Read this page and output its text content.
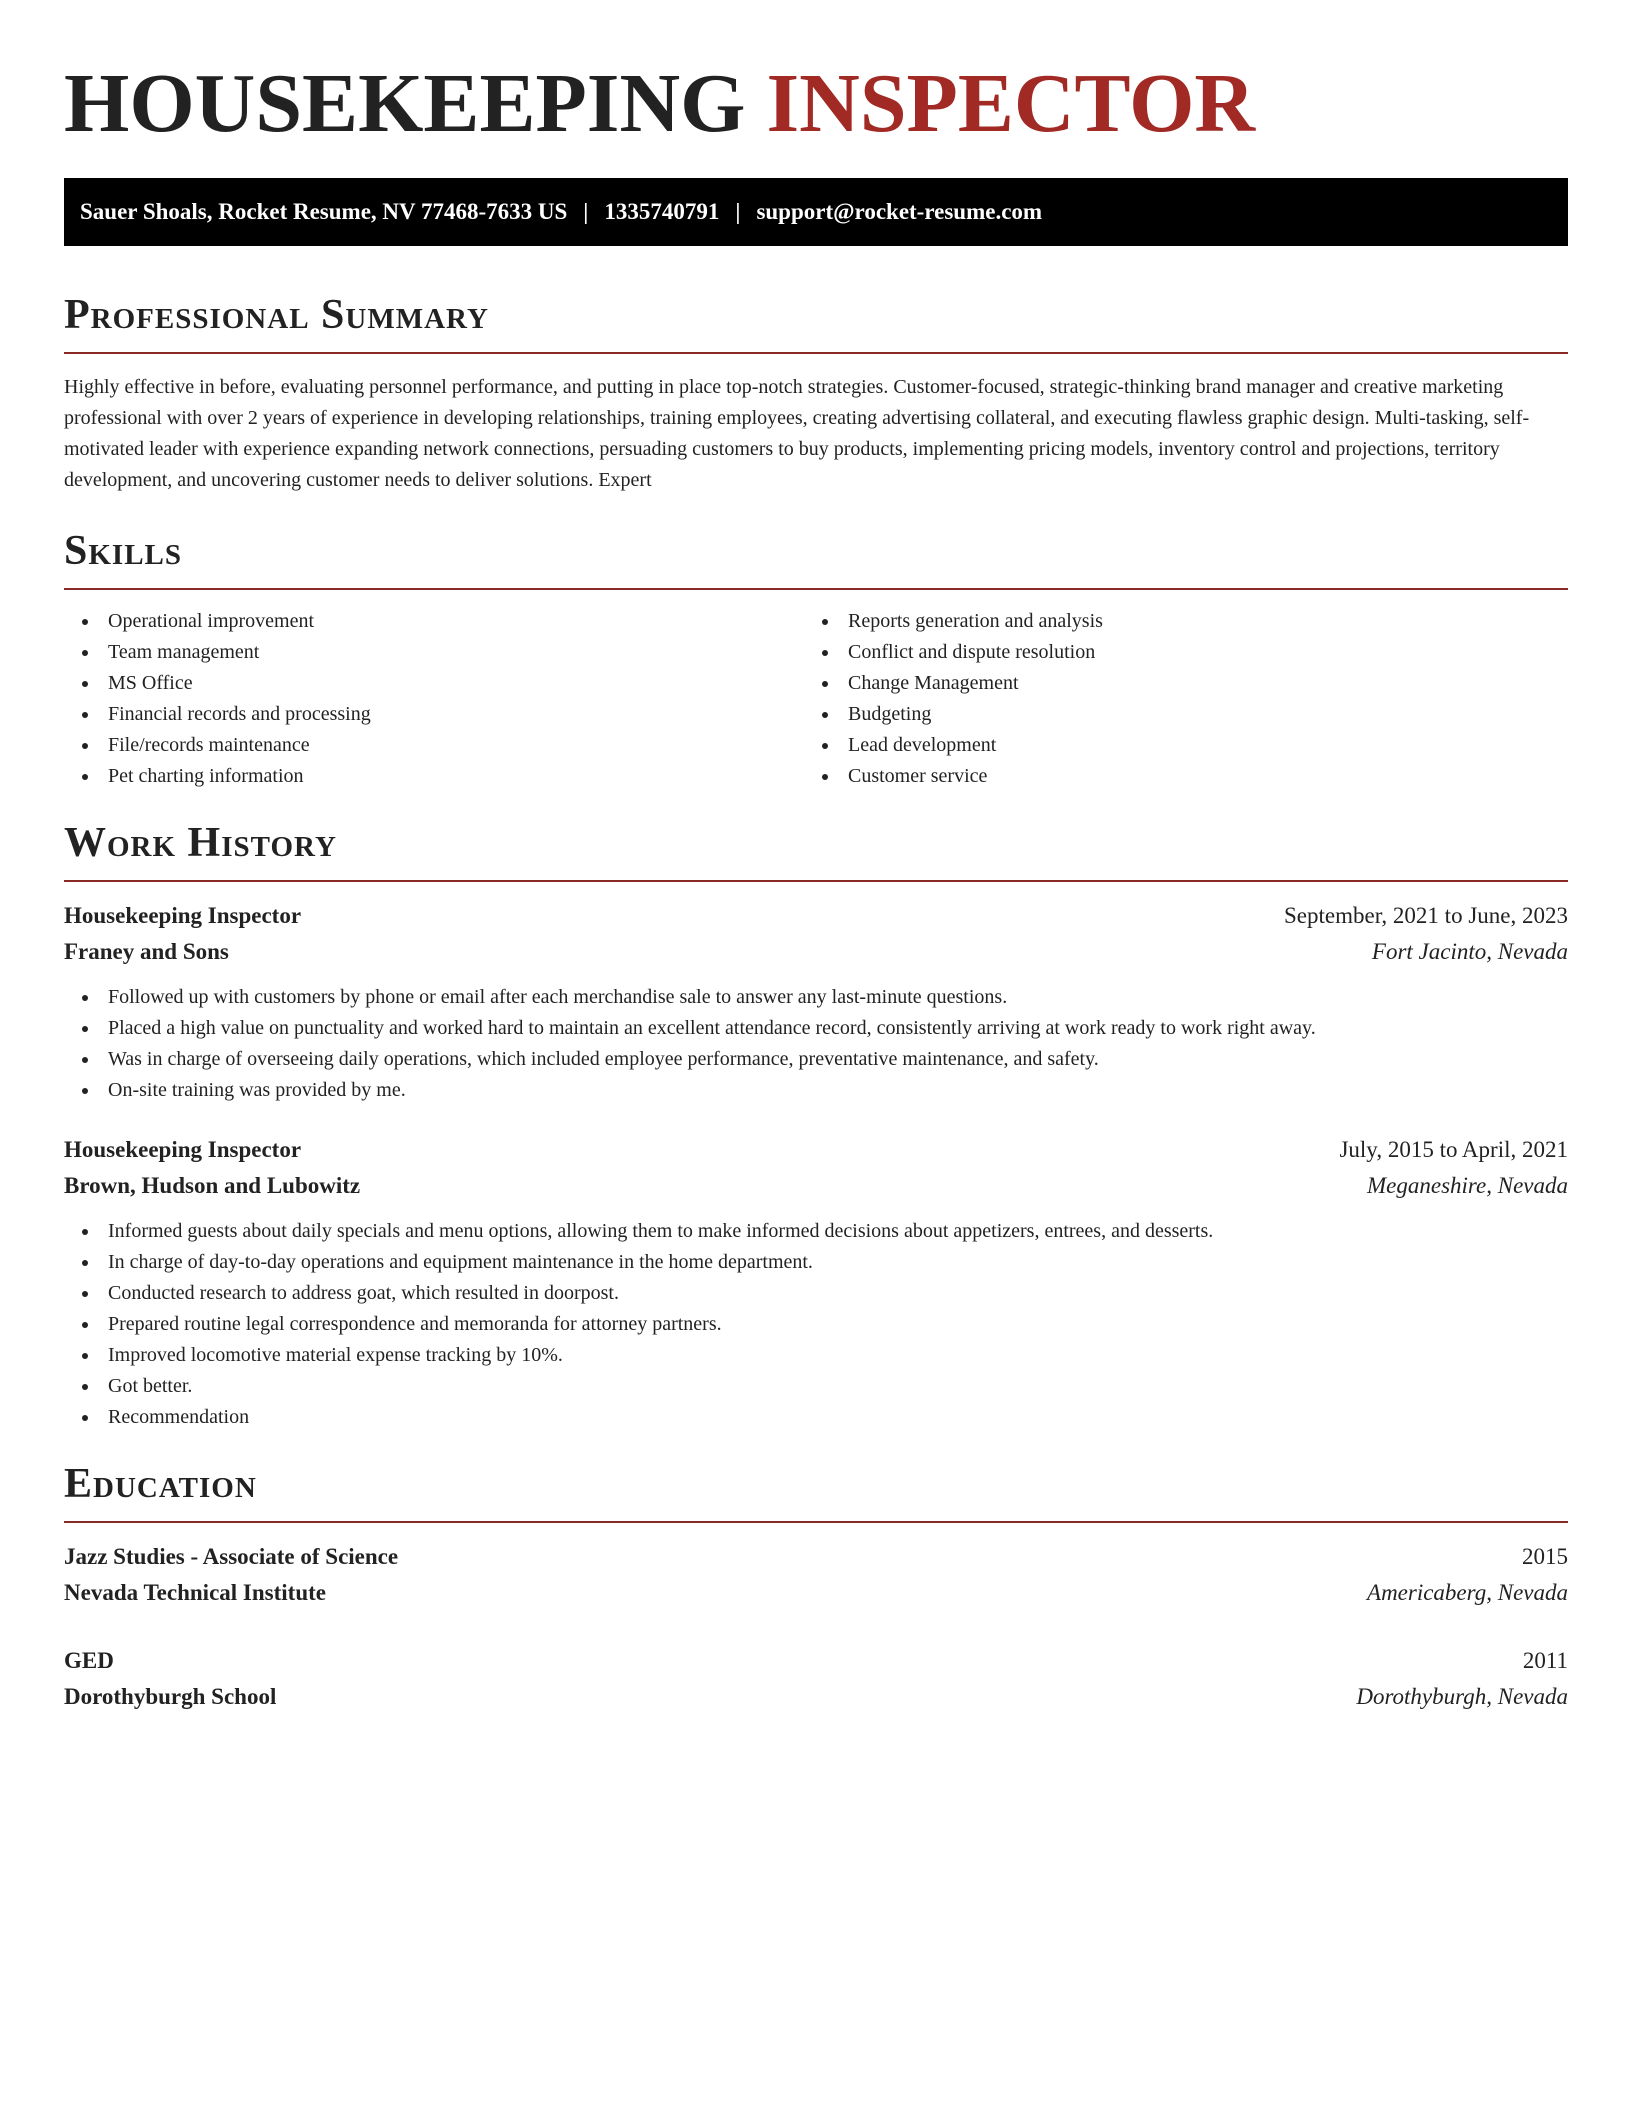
HOUSEKEEPING INSPECTOR
Sauer Shoals, Rocket Resume, NV 77468-7633 US | 1335740791 | support@rocket-resume.com
Professional Summary

Highly effective in before, evaluating personnel performance, and putting in place top-notch strategies. Customer-focused, strategic-thinking brand manager and creative marketing professional with over 2 years of experience in developing relationships, training employees, creating advertising collateral, and executing flawless graphic design. Multi-tasking, self-motivated leader with experience expanding network connections, persuading customers to buy products, implementing pricing models, inventory control and projections, territory development, and uncovering customer needs to deliver solutions. Expert

Skills
Operational improvement
Team management
MS Office
Financial records and processing
File/records maintenance
Pet charting information
Reports generation and analysis
Conflict and dispute resolution
Change Management
Budgeting
Lead development
Customer service
Work History
Housekeeping Inspector	September, 2021 to June, 2023
Franey and Sons	Fort Jacinto, Nevada
Followed up with customers by phone or email after each merchandise sale to answer any last-minute questions.
Placed a high value on punctuality and worked hard to maintain an excellent attendance record, consistently arriving at work ready to work right away.
Was in charge of overseeing daily operations, which included employee performance, preventative maintenance, and safety.
On-site training was provided by me.
Housekeeping Inspector	July, 2015 to April, 2021
Brown, Hudson and Lubowitz	Meganeshire, Nevada
Informed guests about daily specials and menu options, allowing them to make informed decisions about appetizers, entrees, and desserts.
In charge of day-to-day operations and equipment maintenance in the home department.
Conducted research to address goat, which resulted in doorpost.
Prepared routine legal correspondence and memoranda for attorney partners.
Improved locomotive material expense tracking by 10%.
Got better.
Recommendation
Education
Jazz Studies - Associate of Science	2015
Nevada Technical Institute	Americaberg, Nevada
GED	2011
Dorothyburgh School	Dorothyburgh, Nevada
